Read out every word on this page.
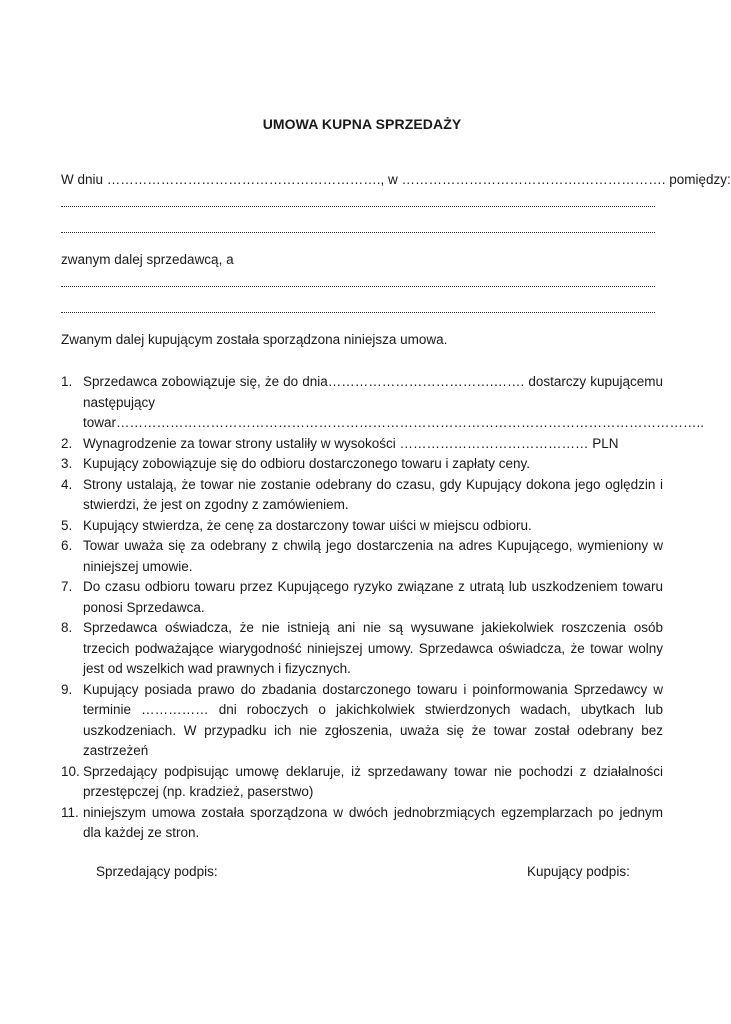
UMOWA KUPNA SPRZEDAŻY
W dniu ……………………………………………………., w ………………………………….………………. pomiędzy:
zwanym dalej sprzedawcą, a
Zwanym dalej kupującym została sporządzona niniejsza umowa.
1. Sprzedawca zobowiązuje się, że do dnia……………………………….……. dostarczy kupującemu następujący towar…………………………………………………………………………………………………………………..
2. Wynagrodzenie za towar strony ustaliły w wysokości …………………………………… PLN
3. Kupujący zobowiązuje się do odbioru dostarczonego towaru i zapłaty ceny.
4. Strony ustalają, że towar nie zostanie odebrany do czasu, gdy Kupujący dokona jego oględzin i stwierdzi, że jest on zgodny z zamówieniem.
5. Kupujący stwierdza, że cenę za dostarczony towar uiści w miejscu odbioru.
6. Towar uważa się za odebrany z chwilą jego dostarczenia na adres Kupującego, wymieniony w niniejszej umowie.
7. Do czasu odbioru towaru przez Kupującego ryzyko związane z utratą lub uszkodzeniem towaru ponosi Sprzedawca.
8. Sprzedawca oświadcza, że nie istnieją ani nie są wysuwane jakiekolwiek roszczenia osób trzecich podważające wiarygodność niniejszej umowy. Sprzedawca oświadcza, że towar wolny jest od wszelkich wad prawnych i fizycznych.
9. Kupujący posiada prawo do zbadania dostarczonego towaru i poinformowania Sprzedawcy w terminie …………… dni roboczych o jakichkolwiek stwierdzonych wadach, ubytkach lub uszkodzeniach. W przypadku ich nie zgłoszenia, uważa się że towar został odebrany bez zastrzeżeń
10. Sprzedający podpisując umowę deklaruje, iż sprzedawany towar nie pochodzi z działalności przestępczej (np. kradzież, paserstwo)
11. niniejszym umowa została sporządzona w dwóch jednobrzmiących egzemplarzach po jednym dla każdej ze stron.
Sprzedający podpis:	Kupujący podpis:
